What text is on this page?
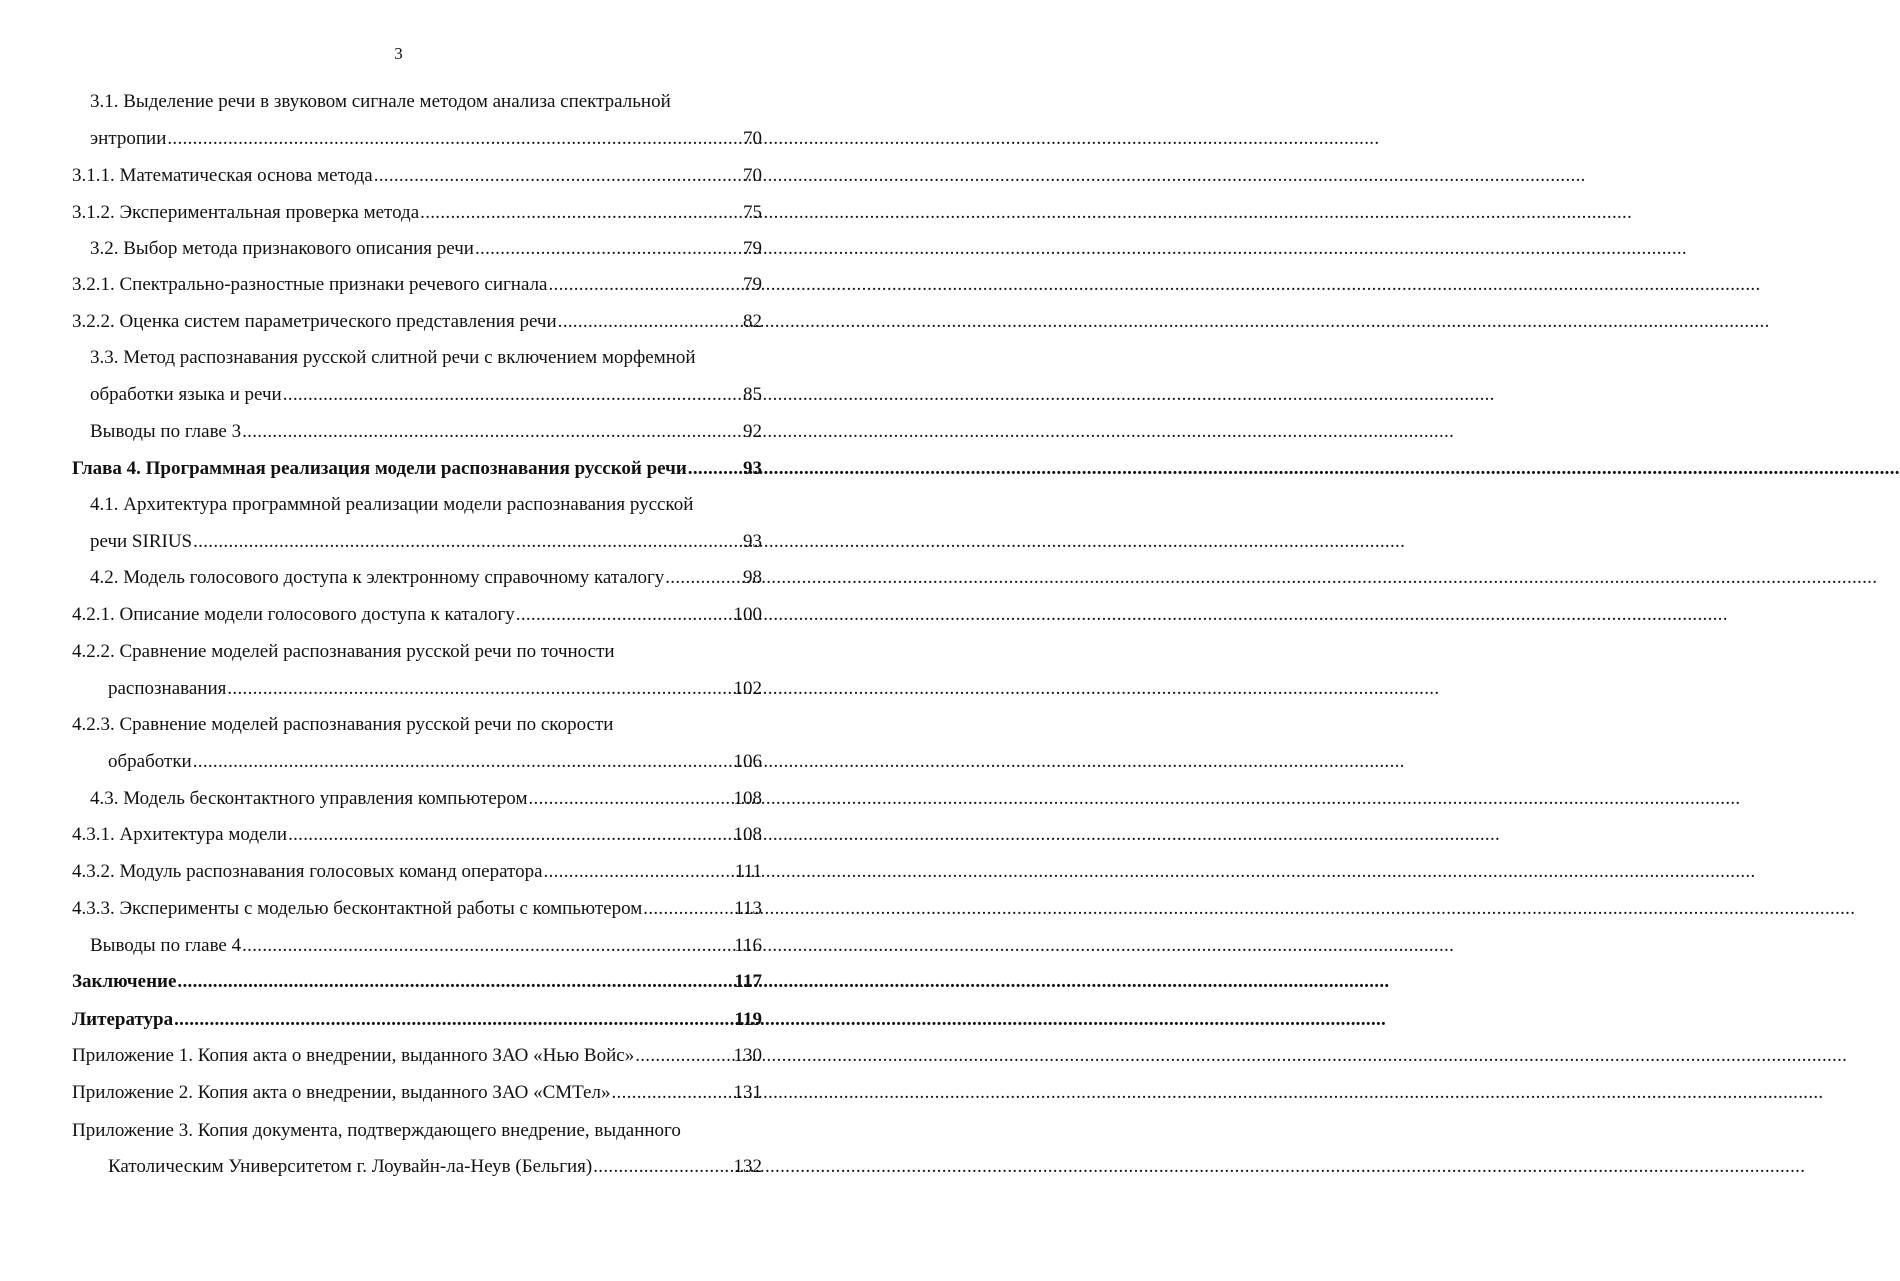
3
3.1. Выделение речи в звуковом сигнале методом анализа спектральной
энтропии .....	70
3.1.1. Математическая основа метода .....	70
3.1.2. Экспериментальная проверка метода .....	75
3.2. Выбор метода признакового описания речи .....	79
3.2.1. Спектрально-разностные признаки речевого сигнала .....	79
3.2.2. Оценка систем параметрического представления речи .....	82
3.3. Метод распознавания русской слитной речи с включением морфемной
обработки языка и речи .....	85
Выводы по главе 3 .....	92
Глава 4. Программная реализация модели распознавания русской речи .....	93
4.1. Архитектура программной реализации модели распознавания русской
речи SIRIUS .....	93
4.2. Модель голосового доступа к электронному справочному каталогу .....	98
4.2.1. Описание модели голосового доступа к каталогу .....	100
4.2.2. Сравнение моделей распознавания русской речи по точности
распознавания .....	102
4.2.3. Сравнение моделей распознавания русской речи по скорости
обработки .....	106
4.3. Модель бесконтактного управления компьютером .....	108
4.3.1. Архитектура модели .....	108
4.3.2. Модуль распознавания голосовых команд оператора .....	111
4.3.3. Эксперименты с моделью бесконтактной работы с компьютером .....	113
Выводы по главе 4 .....	116
Заключение .....	117
Литература .....	119
Приложение 1. Копия акта о внедрении, выданного ЗАО «Нью Войс» .....	130
Приложение 2. Копия акта о внедрении, выданного ЗАО «СМТел» .....	131
Приложение 3. Копия документа, подтверждающего внедрение, выданного
Католическим Университетом г. Лоувайн-ла-Неув (Бельгия) .....	132
